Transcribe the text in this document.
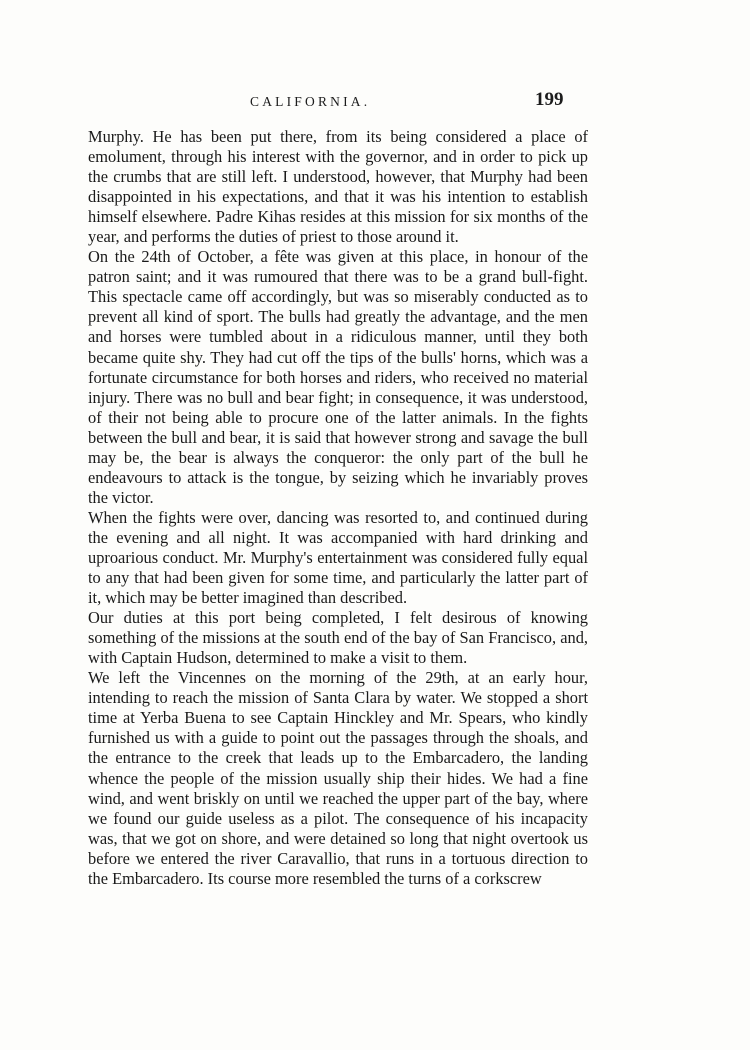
CALIFORNIA.	199

Murphy. He has been put there, from its being considered a place of emolument, through his interest with the governor, and in order to pick up the crumbs that are still left. I understood, however, that Murphy had been disappointed in his expectations, and that it was his intention to establish himself elsewhere. Padre Kihas resides at this mission for six months of the year, and performs the duties of priest to those around it.

On the 24th of October, a fête was given at this place, in honour of the patron saint; and it was rumoured that there was to be a grand bull-fight. This spectacle came off accordingly, but was so miserably conducted as to prevent all kind of sport. The bulls had greatly the advantage, and the men and horses were tumbled about in a ridiculous manner, until they both became quite shy. They had cut off the tips of the bulls' horns, which was a fortunate circumstance for both horses and riders, who received no material injury. There was no bull and bear fight; in consequence, it was understood, of their not being able to procure one of the latter animals. In the fights between the bull and bear, it is said that however strong and savage the bull may be, the bear is always the conqueror: the only part of the bull he endeavours to attack is the tongue, by seizing which he invariably proves the victor.

When the fights were over, dancing was resorted to, and continued during the evening and all night. It was accompanied with hard drinking and uproarious conduct. Mr. Murphy's entertainment was considered fully equal to any that had been given for some time, and particularly the latter part of it, which may be better imagined than described.

Our duties at this port being completed, I felt desirous of knowing something of the missions at the south end of the bay of San Francisco, and, with Captain Hudson, determined to make a visit to them.

We left the Vincennes on the morning of the 29th, at an early hour, intending to reach the mission of Santa Clara by water. We stopped a short time at Yerba Buena to see Captain Hinckley and Mr. Spears, who kindly furnished us with a guide to point out the passages through the shoals, and the entrance to the creek that leads up to the Embarcadero, the landing whence the people of the mission usually ship their hides. We had a fine wind, and went briskly on until we reached the upper part of the bay, where we found our guide useless as a pilot. The consequence of his incapacity was, that we got on shore, and were detained so long that night overtook us before we entered the river Caravallio, that runs in a tortuous direction to the Embarcadero. Its course more resembled the turns of a corkscrew
